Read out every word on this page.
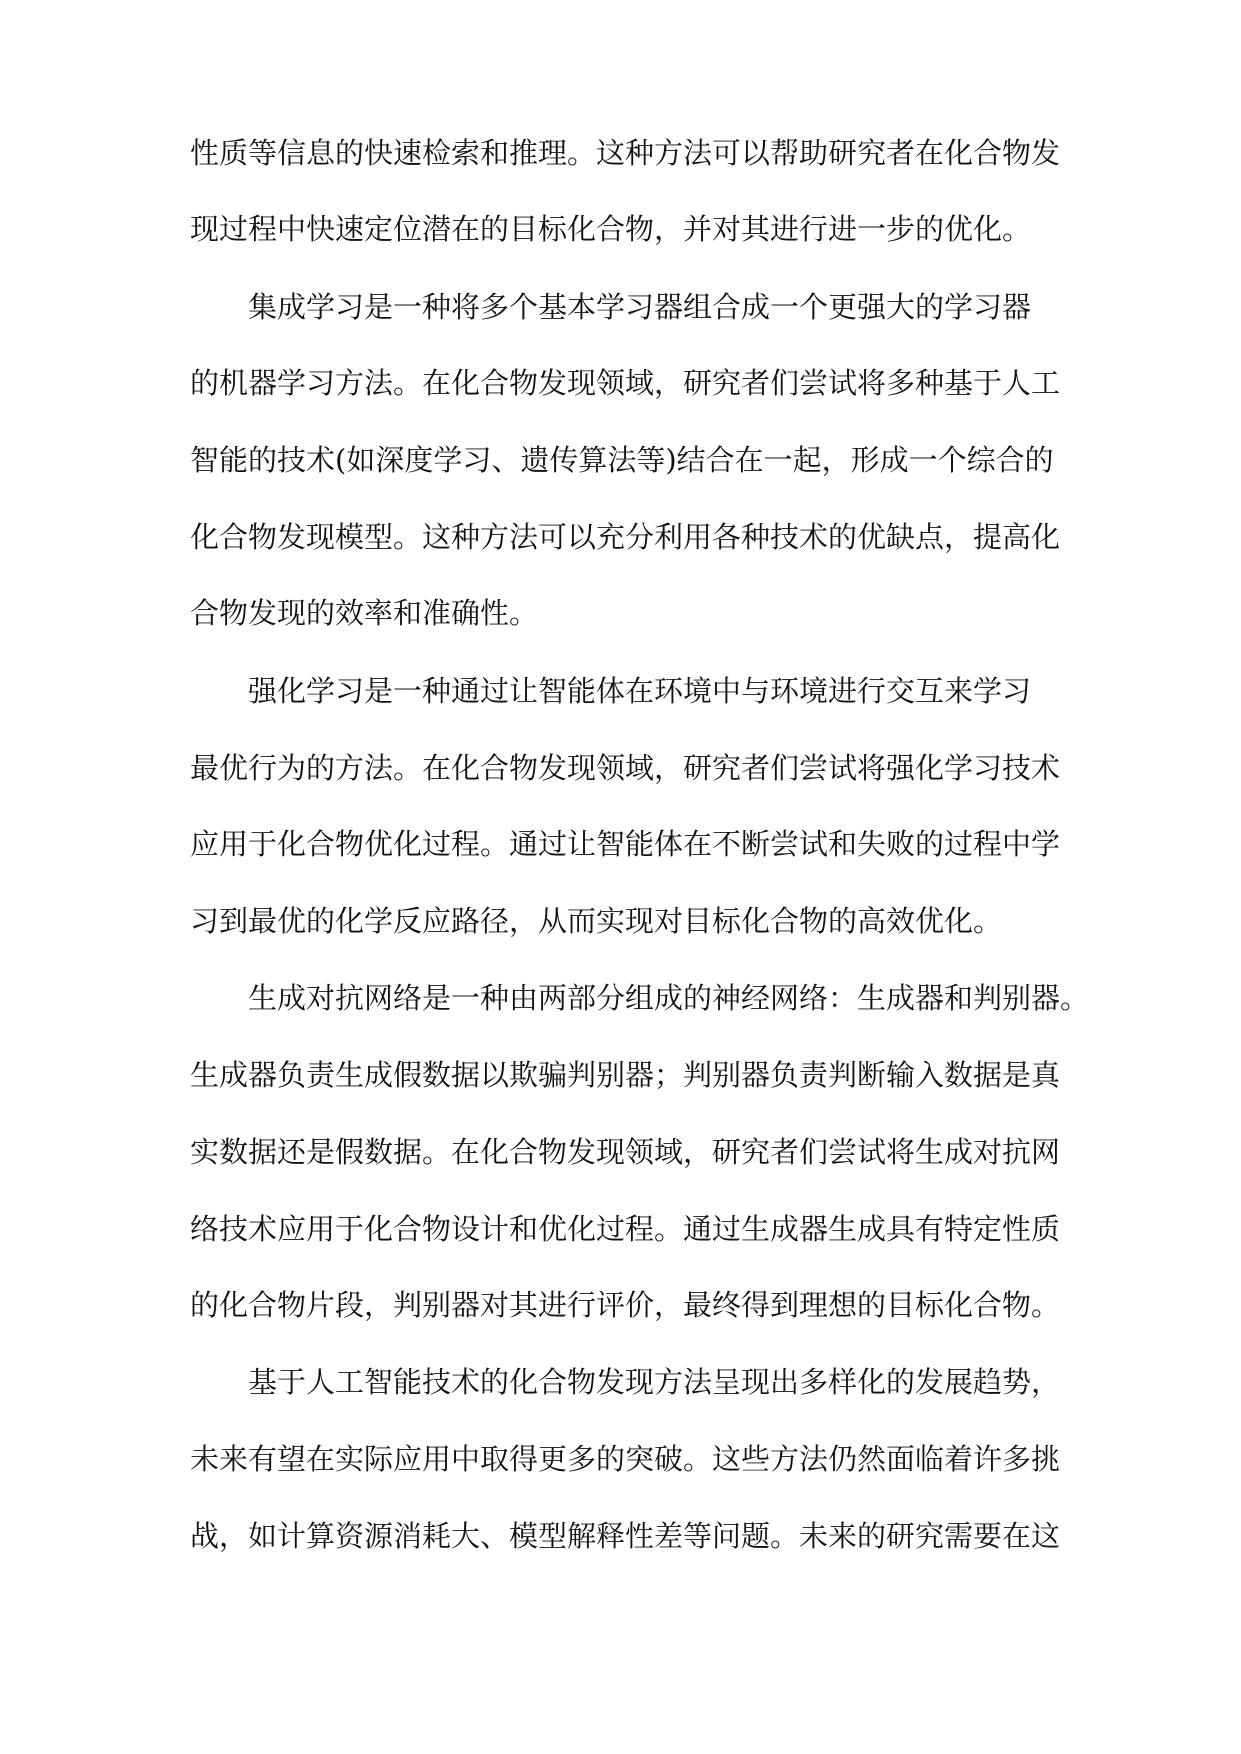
性质等信息的快速检索和推理。这种方法可以帮助研究者在化合物发
现过程中快速定位潜在的目标化合物，并对其进行进一步的优化。
集成学习是一种将多个基本学习器组合成一个更强大的学习器
的机器学习方法。在化合物发现领域，研究者们尝试将多种基于人工
智能的技术(如深度学习、遗传算法等)结合在一起，形成一个综合的
化合物发现模型。这种方法可以充分利用各种技术的优缺点，提高化
合物发现的效率和准确性。
强化学习是一种通过让智能体在环境中与环境进行交互来学习
最优行为的方法。在化合物发现领域，研究者们尝试将强化学习技术
应用于化合物优化过程。通过让智能体在不断尝试和失败的过程中学
习到最优的化学反应路径，从而实现对目标化合物的高效优化。
生成对抗网络是一种由两部分组成的神经网络：生成器和判别器。
生成器负责生成假数据以欺骗判别器；判别器负责判断输入数据是真
实数据还是假数据。在化合物发现领域，研究者们尝试将生成对抗网
络技术应用于化合物设计和优化过程。通过生成器生成具有特定性质
的化合物片段，判别器对其进行评价，最终得到理想的目标化合物。
基于人工智能技术的化合物发现方法呈现出多样化的发展趋势，
未来有望在实际应用中取得更多的突破。这些方法仍然面临着许多挑
战，如计算资源消耗大、模型解释性差等问题。未来的研究需要在这
